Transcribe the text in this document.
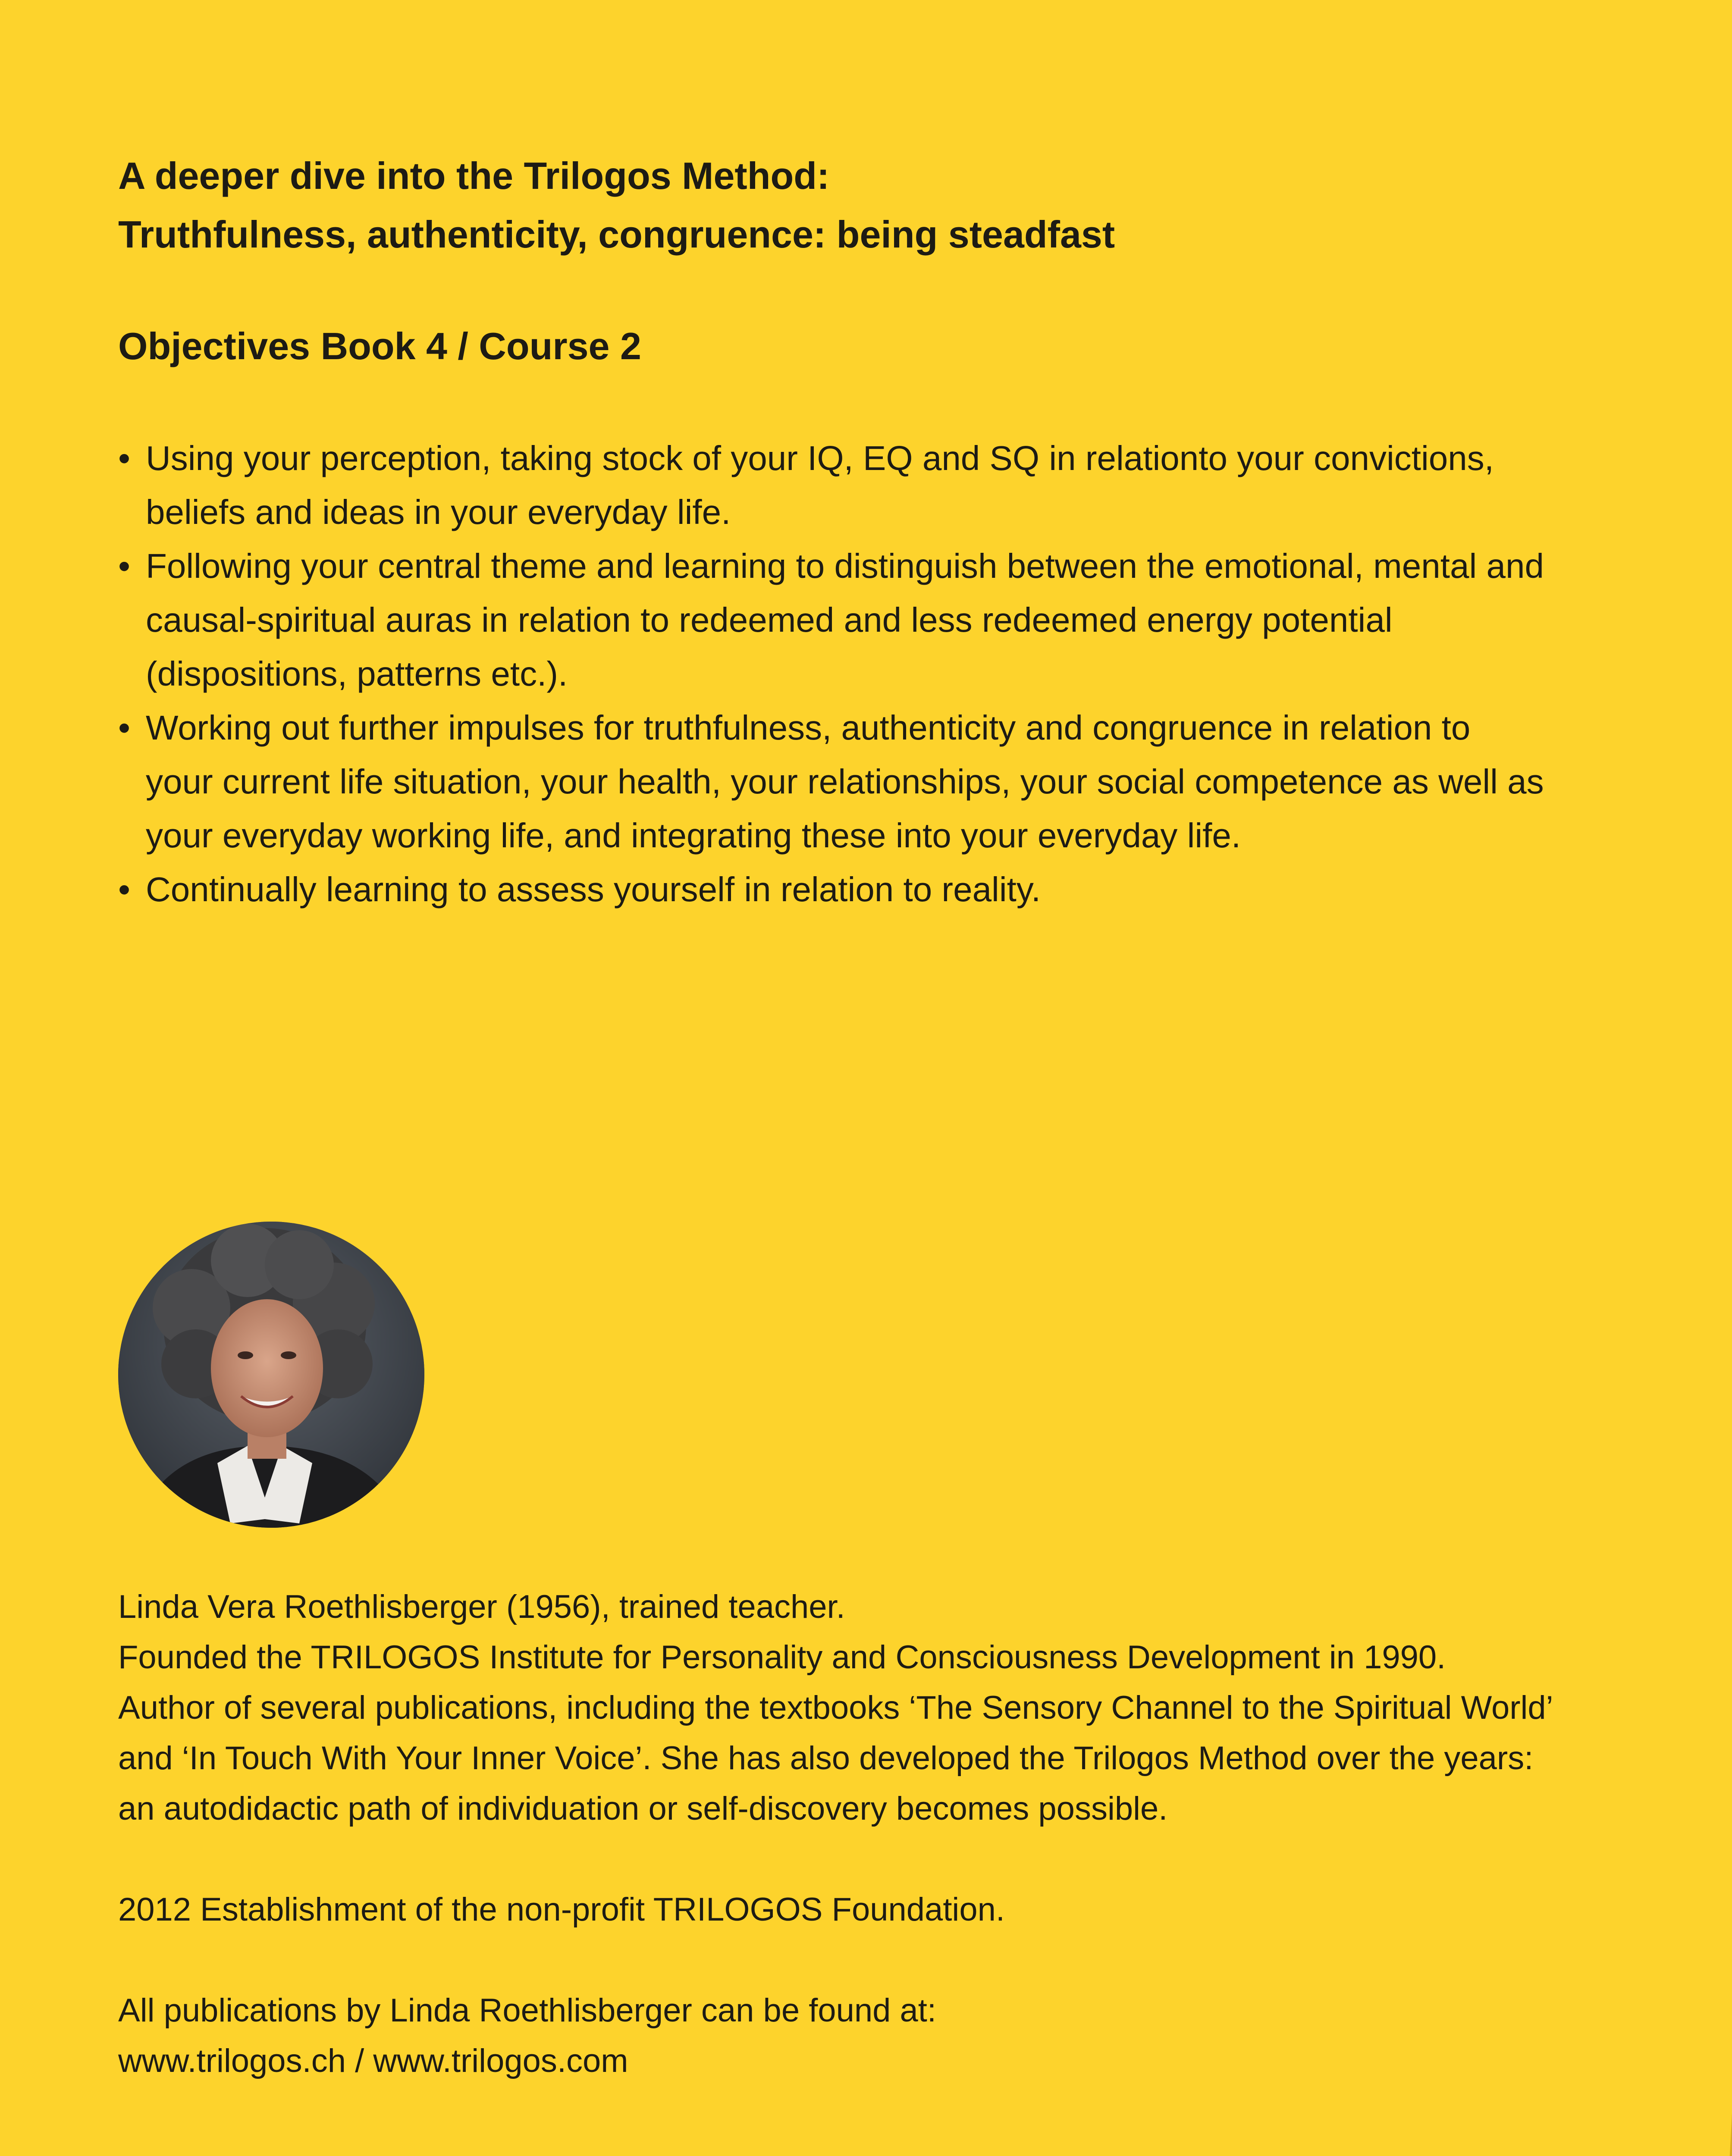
A deeper dive into the Trilogos Method:
Truthfulness, authenticity, congruence: being steadfast
Objectives Book 4 / Course 2
• Using your perception, taking stock of your IQ, EQ and SQ in relationto your convictions,
beliefs and ideas in your everyday life.
• Following your central theme and learning to distinguish between the emotional, mental and
causal-spiritual auras in relation to redeemed and less redeemed energy potential
(dispositions, patterns etc.).
• Working out further impulses for truthfulness, authenticity and congruence in relation to
your current life situation, your health, your relationships, your social competence as well as
your everyday working life, and integrating these into your everyday life.
• Continually learning to assess yourself in relation to reality.

Linda Vera Roethlisberger (1956), trained teacher.
Founded the TRILOGOS Institute for Personality and Consciousness Development in 1990.
Author of several publications, including the textbooks ‘The Sensory Channel to the Spiritual World’
and ‘In Touch With Your Inner Voice’. She has also developed the Trilogos Method over the years:
an autodidactic path of individuation or self-discovery becomes possible.

2012 Establishment of the non-profit TRILOGOS Foundation.

All publications by Linda Roethlisberger can be found at:
www.trilogos.ch / www.trilogos.com
